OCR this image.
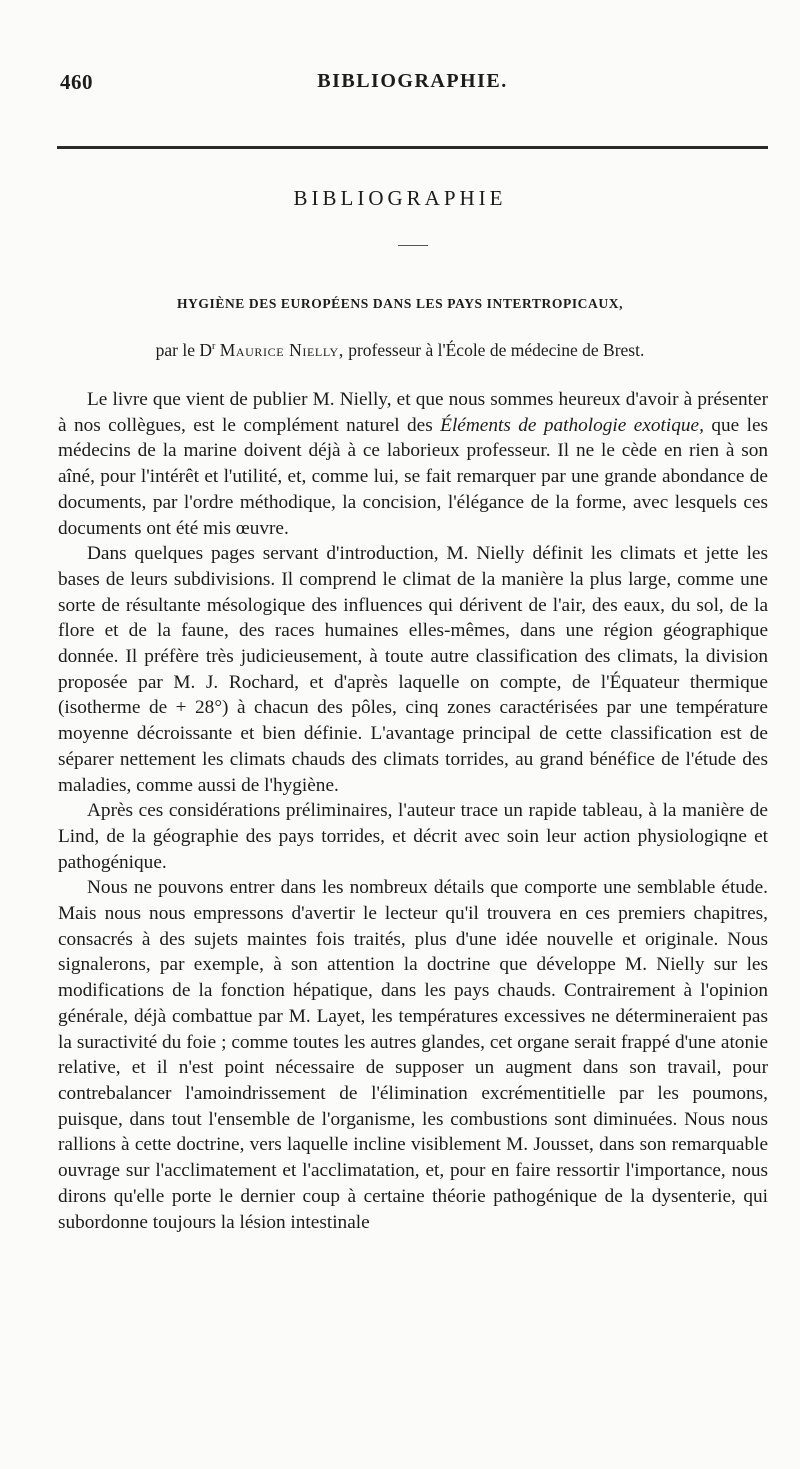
460	BIBLIOGRAPHIE.
BIBLIOGRAPHIE
HYGIÈNE DES EUROPÉENS DANS LES PAYS INTERTROPICAUX,
par le $D^r$ Maurice Nielly, professeur à l'École de médecine de Brest.

Le livre que vient de publier M. Nielly, et que nous sommes heureux d'avoir à présenter à nos collègues, est le complément naturel des Éléments de pathologie exotique, que les médecins de la marine doivent déjà à ce laborieux professeur. Il ne le cède en rien à son aîné, pour l'intérêt et l'utilité, et, comme lui, se fait remarquer par une grande abondance de documents, par l'ordre méthodique, la concision, l'élégance de la forme, avec lesquels ces documents ont été mis œuvre.

Dans quelques pages servant d'introduction, M. Nielly définit les climats et jette les bases de leurs subdivisions. Il comprend le climat de la manière la plus large, comme une sorte de résultante mésologique des influences qui dérivent de l'air, des eaux, du sol, de la flore et de la faune, des races humaines elles-mêmes, dans une région géographique donnée. Il préfère très judicieusement, à toute autre classification des climats, la division proposée par M. J. Rochard, et d'après laquelle on compte, de l'Équateur thermique (isotherme de + 28°) à chacun des pôles, cinq zones caractérisées par une température moyenne décroissante et bien définie. L'avantage principal de cette classification est de séparer nettement les climats chauds des climats torrides, au grand bénéfice de l'étude des maladies, comme aussi de l'hygiène.

Après ces considérations préliminaires, l'auteur trace un rapide tableau, à la manière de Lind, de la géographie des pays torrides, et décrit avec soin leur action physiologiqne et pathogénique.

Nous ne pouvons entrer dans les nombreux détails que comporte une semblable étude. Mais nous nous empressons d'avertir le lecteur qu'il trouvera en ces premiers chapitres, consacrés à des sujets maintes fois traités, plus d'une idée nouvelle et originale. Nous signalerons, par exemple, à son attention la doctrine que développe M. Nielly sur les modifications de la fonction hépatique, dans les pays chauds. Contrairement à l'opinion générale, déjà combattue par M. Layet, les températures excessives ne détermineraient pas la suractivité du foie ; comme toutes les autres glandes, cet organe serait frappé d'une atonie relative, et il n'est point nécessaire de supposer un augment dans son travail, pour contrebalancer l'amoindrissement de l'élimination excrémentitielle par les poumons, puisque, dans tout l'ensemble de l'organisme, les combustions sont diminuées. Nous nous rallions à cette doctrine, vers laquelle incline visiblement M. Jousset, dans son remarquable ouvrage sur l'acclimatement et l'acclimatation, et, pour en faire ressortir l'importance, nous dirons qu'elle porte le dernier coup à certaine théorie pathogénique de la dysenterie, qui subordonne toujours la lésion intestinale
